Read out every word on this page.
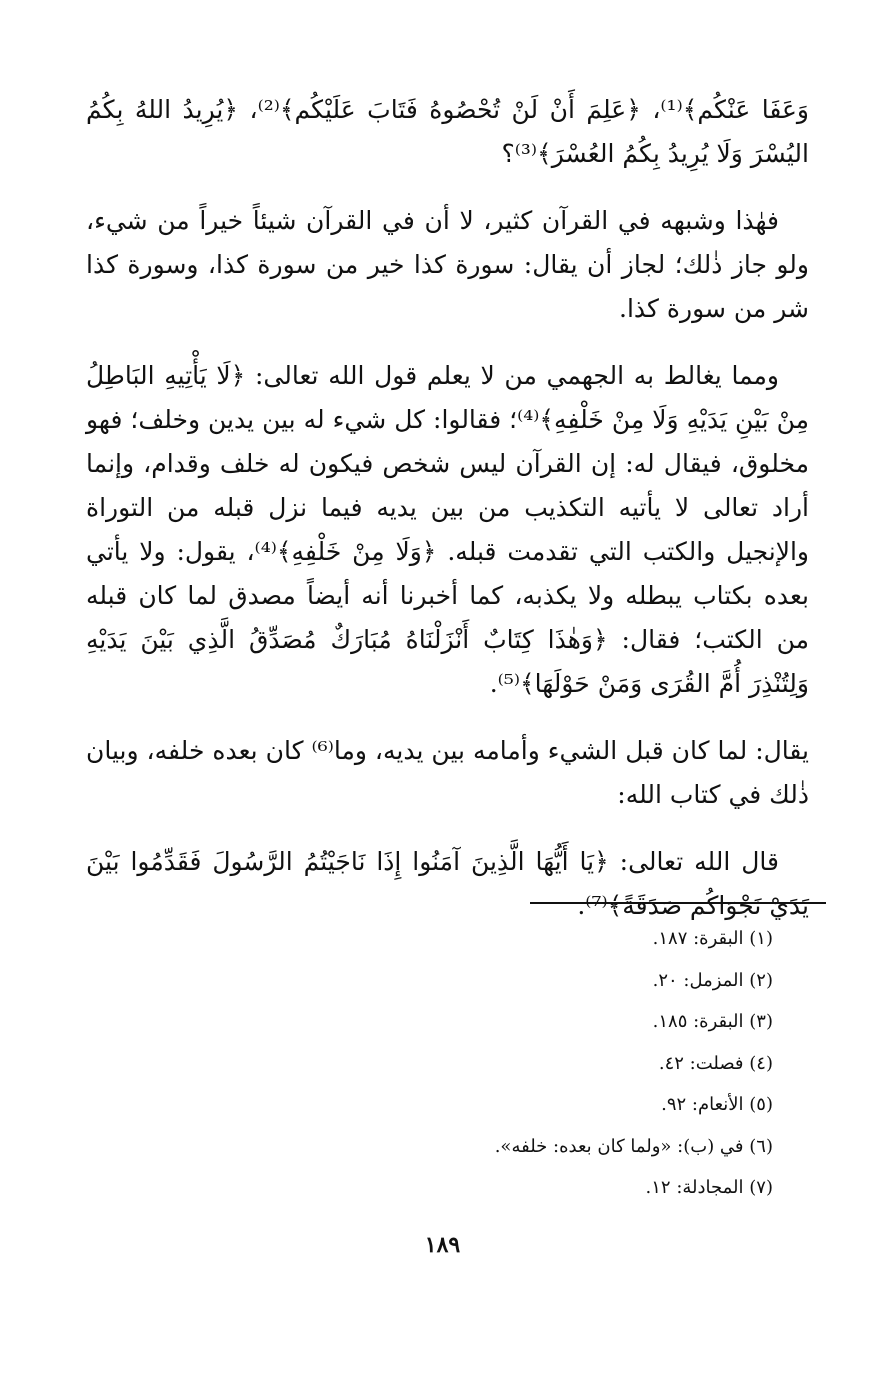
وَعَفَا عَنْكُم﴾⁽¹⁾، ﴿عَلِمَ أَنْ لَنْ تُحْصُوهُ فَتَابَ عَلَيْكُم﴾⁽²⁾، ﴿يُرِيدُ اللهُ بِكُمُ اليُسْرَ وَلَا يُرِيدُ بِكُمُ العُسْرَ﴾⁽³⁾؟

فهٰذا وشبهه في القرآن كثير، لا أن في القرآن شيئاً خيراً من شيء، ولو جاز ذٰلك؛ لجاز أن يقال: سورة كذا خير من سورة كذا، وسورة كذا شر من سورة كذا.

ومما يغالط به الجهمي من لا يعلم قول الله تعالى: ﴿لَا يَأْتِيهِ البَاطِلُ مِنْ بَيْنِ يَدَيْهِ وَلَا مِنْ خَلْفِهِ﴾⁽⁴⁾؛ فقالوا: كل شيء له بين يدين وخلف؛ فهو مخلوق، فيقال له: إن القرآن ليس شخص فيكون له خلف وقدام، وإنما أراد تعالى لا يأتيه التكذيب من بين يديه فيما نزل قبله من التوراة والإنجيل والكتب التي تقدمت قبله. ﴿وَلَا مِنْ خَلْفِهِ﴾⁽⁴⁾، يقول: ولا يأتي بعده بكتاب يبطله ولا يكذبه، كما أخبرنا أنه أيضاً مصدق لما كان قبله من الكتب؛ فقال: ﴿وَهٰذَا كِتَابٌ أَنْزَلْنَاهُ مُبَارَكٌ مُصَدِّقُ الَّذِي بَيْنَ يَدَيْهِ وَلِتُنْذِرَ أُمَّ القُرَى وَمَنْ حَوْلَهَا﴾⁽⁵⁾.

يقال: لما كان قبل الشيء وأمامه بين يديه، وما⁽⁶⁾ كان بعده خلفه، وبيان ذٰلك في كتاب الله:

قال الله تعالى: ﴿يَا أَيُّهَا الَّذِينَ آمَنُوا إِذَا نَاجَيْتُمُ الرَّسُولَ فَقَدِّمُوا بَيْنَ يَدَيْ نَجْوَاكُم صَدَقَةً﴾⁽⁷⁾.

(١) البقرة: ١٨٧.

(٢) المزمل: ٢٠.

(٣) البقرة: ١٨٥.

(٤) فصلت: ٤٢.

(٥) الأنعام: ٩٢.

(٦) في (ب): «ولما كان بعده: خلفه».

(٧) المجادلة: ١٢.

١٨٩
